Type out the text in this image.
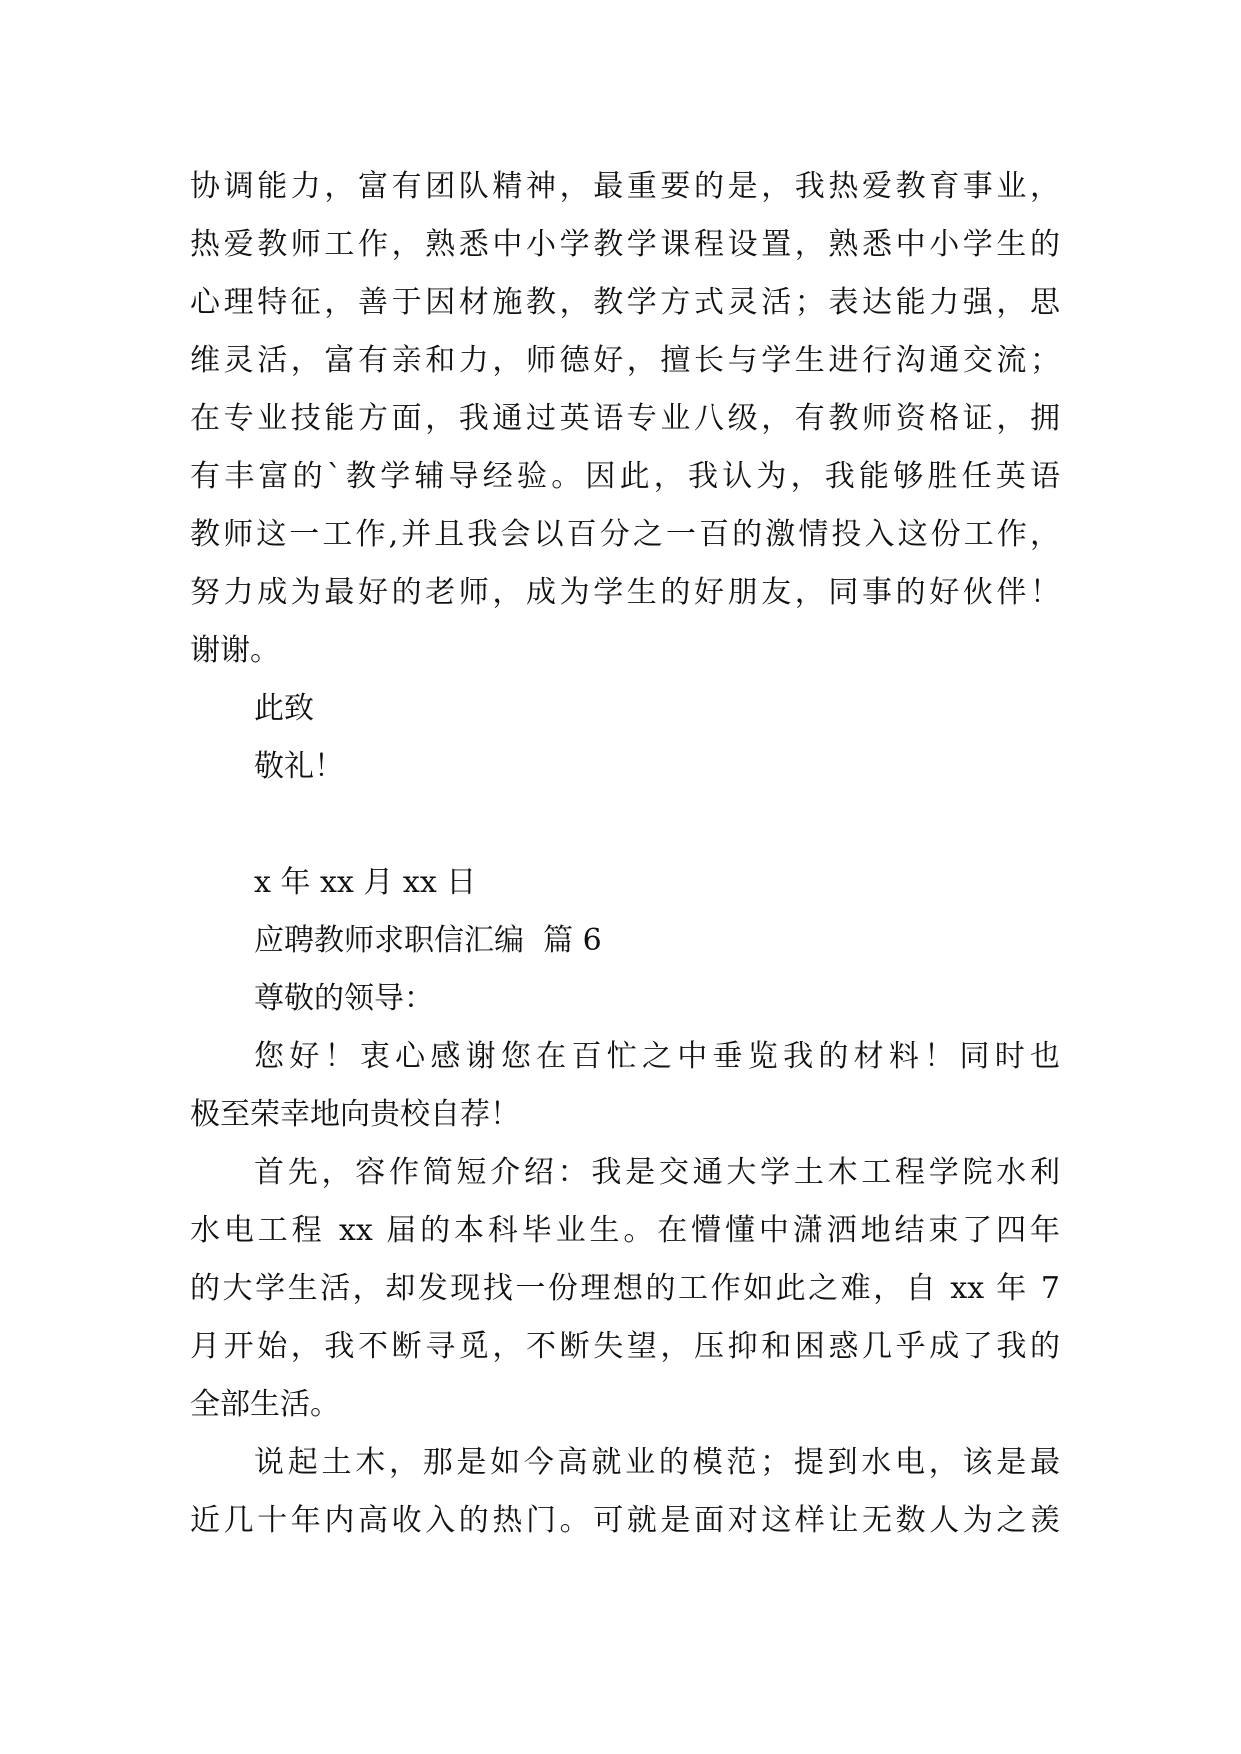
协调能力，富有团队精神，最重要的是，我热爱教育事业，
热爱教师工作，熟悉中小学教学课程设置，熟悉中小学生的
心理特征，善于因材施教，教学方式灵活；表达能力强，思
维灵活，富有亲和力，师德好，擅长与学生进行沟通交流；
在专业技能方面，我通过英语专业八级，有教师资格证，拥
有丰富的`教学辅导经验。因此，我认为，我能够胜任英语
教师这一工作,并且我会以百分之一百的激情投入这份工作，
努力成为最好的老师，成为学生的好朋友，同事的好伙伴！
谢谢。
此致
敬礼！
x 年 xx 月 xx 日
应聘教师求职信汇编  篇 6
尊敬的领导：
您好！衷心感谢您在百忙之中垂览我的材料！同时也
极至荣幸地向贵校自荐！
首先，容作简短介绍：我是交通大学土木工程学院水利
水电工程 xx 届的本科毕业生。在懵懂中潇洒地结束了四年
的大学生活，却发现找一份理想的工作如此之难，自 xx 年 7
月开始，我不断寻觅，不断失望，压抑和困惑几乎成了我的
全部生活。
说起土木，那是如今高就业的模范；提到水电，该是最
近几十年内高收入的热门。可就是面对这样让无数人为之羡
